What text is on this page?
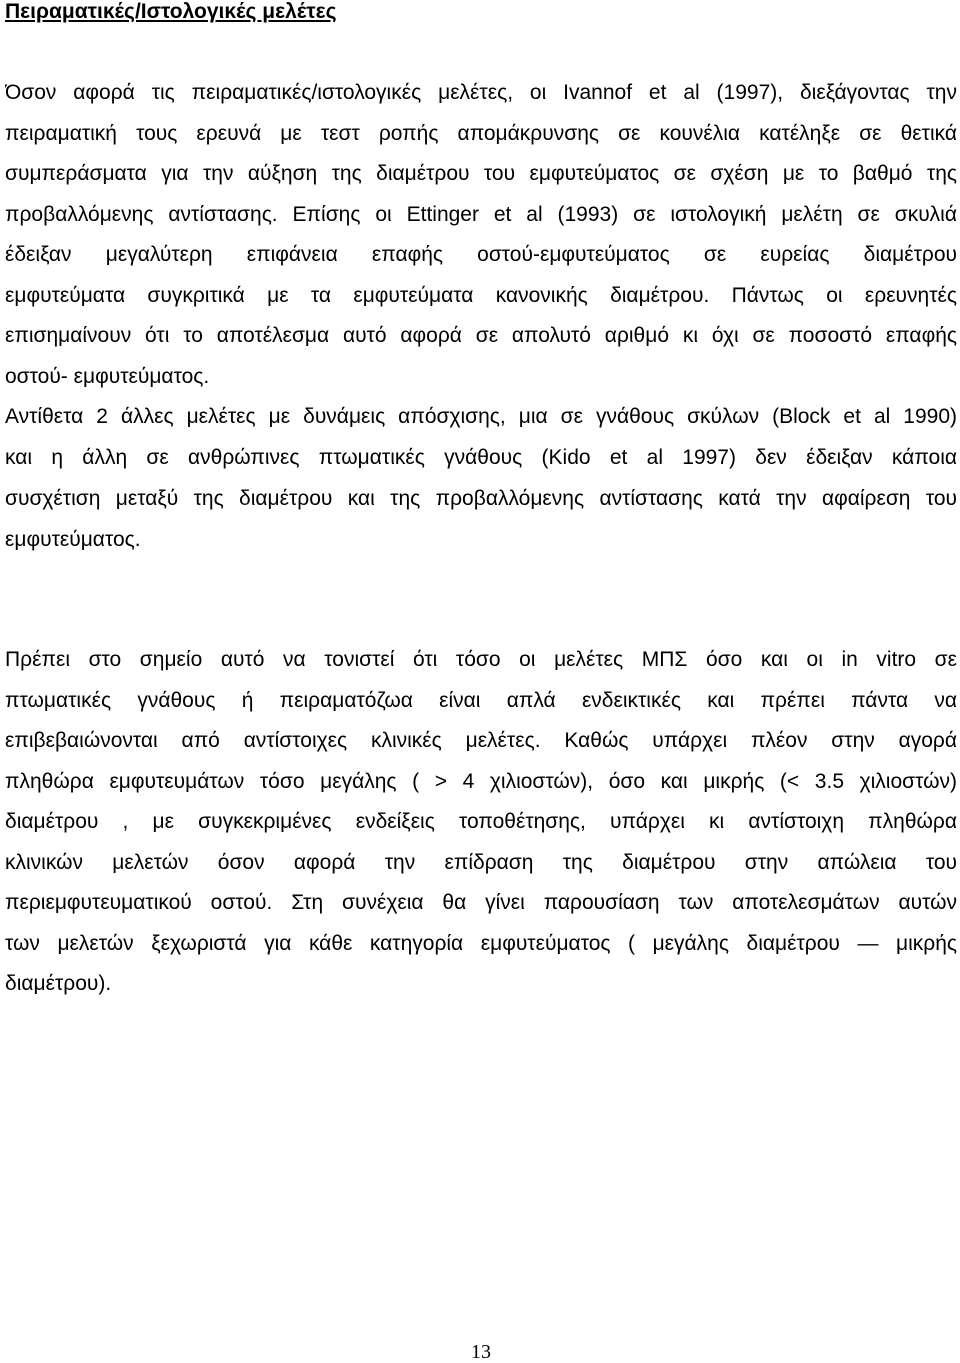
Πειραματικές/Ιστολογικές μελέτες
Όσον αφορά τις πειραματικές/ιστολογικές μελέτες, οι Ivannof et al (1997), διεξάγοντας την
πειραματική τους ερευνά με τεστ ροπής απομάκρυνσης σε κουνέλια κατέληξε σε θετικά
συμπεράσματα για την αύξηση της διαμέτρου του εμφυτεύματος σε σχέση με το βαθμό της
προβαλλόμενης αντίστασης. Επίσης οι Ettinger et al (1993) σε ιστολογική μελέτη σε σκυλιά
έδειξαν μεγαλύτερη επιφάνεια επαφής οστού-εμφυτεύματος σε ευρείας διαμέτρου
εμφυτεύματα συγκριτικά με τα εμφυτεύματα κανονικής διαμέτρου. Πάντως οι ερευνητές
επισημαίνουν ότι το αποτέλεσμα αυτό αφορά σε απολυτό αριθμό κι όχι σε ποσοστό επαφής
οστού- εμφυτεύματος.
Αντίθετα 2 άλλες μελέτες με δυνάμεις απόσχισης, μια σε γνάθους σκύλων (Block et al 1990)
και η άλλη σε ανθρώπινες πτωματικές γνάθους (Kido et al 1997) δεν έδειξαν κάποια
συσχέτιση μεταξύ της διαμέτρου και της προβαλλόμενης αντίστασης κατά την αφαίρεση του
εμφυτεύματος.
Πρέπει στο σημείο αυτό να τονιστεί ότι τόσο οι μελέτες ΜΠΣ όσο και οι in vitro σε
πτωματικές γνάθους ή πειραματόζωα είναι απλά ενδεικτικές και πρέπει πάντα να
επιβεβαιώνονται από αντίστοιχες κλινικές μελέτες. Καθώς υπάρχει πλέον στην αγορά
πληθώρα εμφυτευμάτων τόσο μεγάλης ( > 4 χιλιοστών), όσο και μικρής (< 3.5 χιλιοστών)
διαμέτρου , με συγκεκριμένες ενδείξεις τοποθέτησης, υπάρχει κι αντίστοιχη πληθώρα
κλινικών μελετών όσον αφορά την επίδραση της διαμέτρου στην απώλεια του
περιεμφυτευματικού οστού. Στη συνέχεια θα γίνει παρουσίαση των αποτελεσμάτων αυτών
των μελετών ξεχωριστά για κάθε κατηγορία εμφυτεύματος ( μεγάλης διαμέτρου — μικρής
διαμέτρου).
13
